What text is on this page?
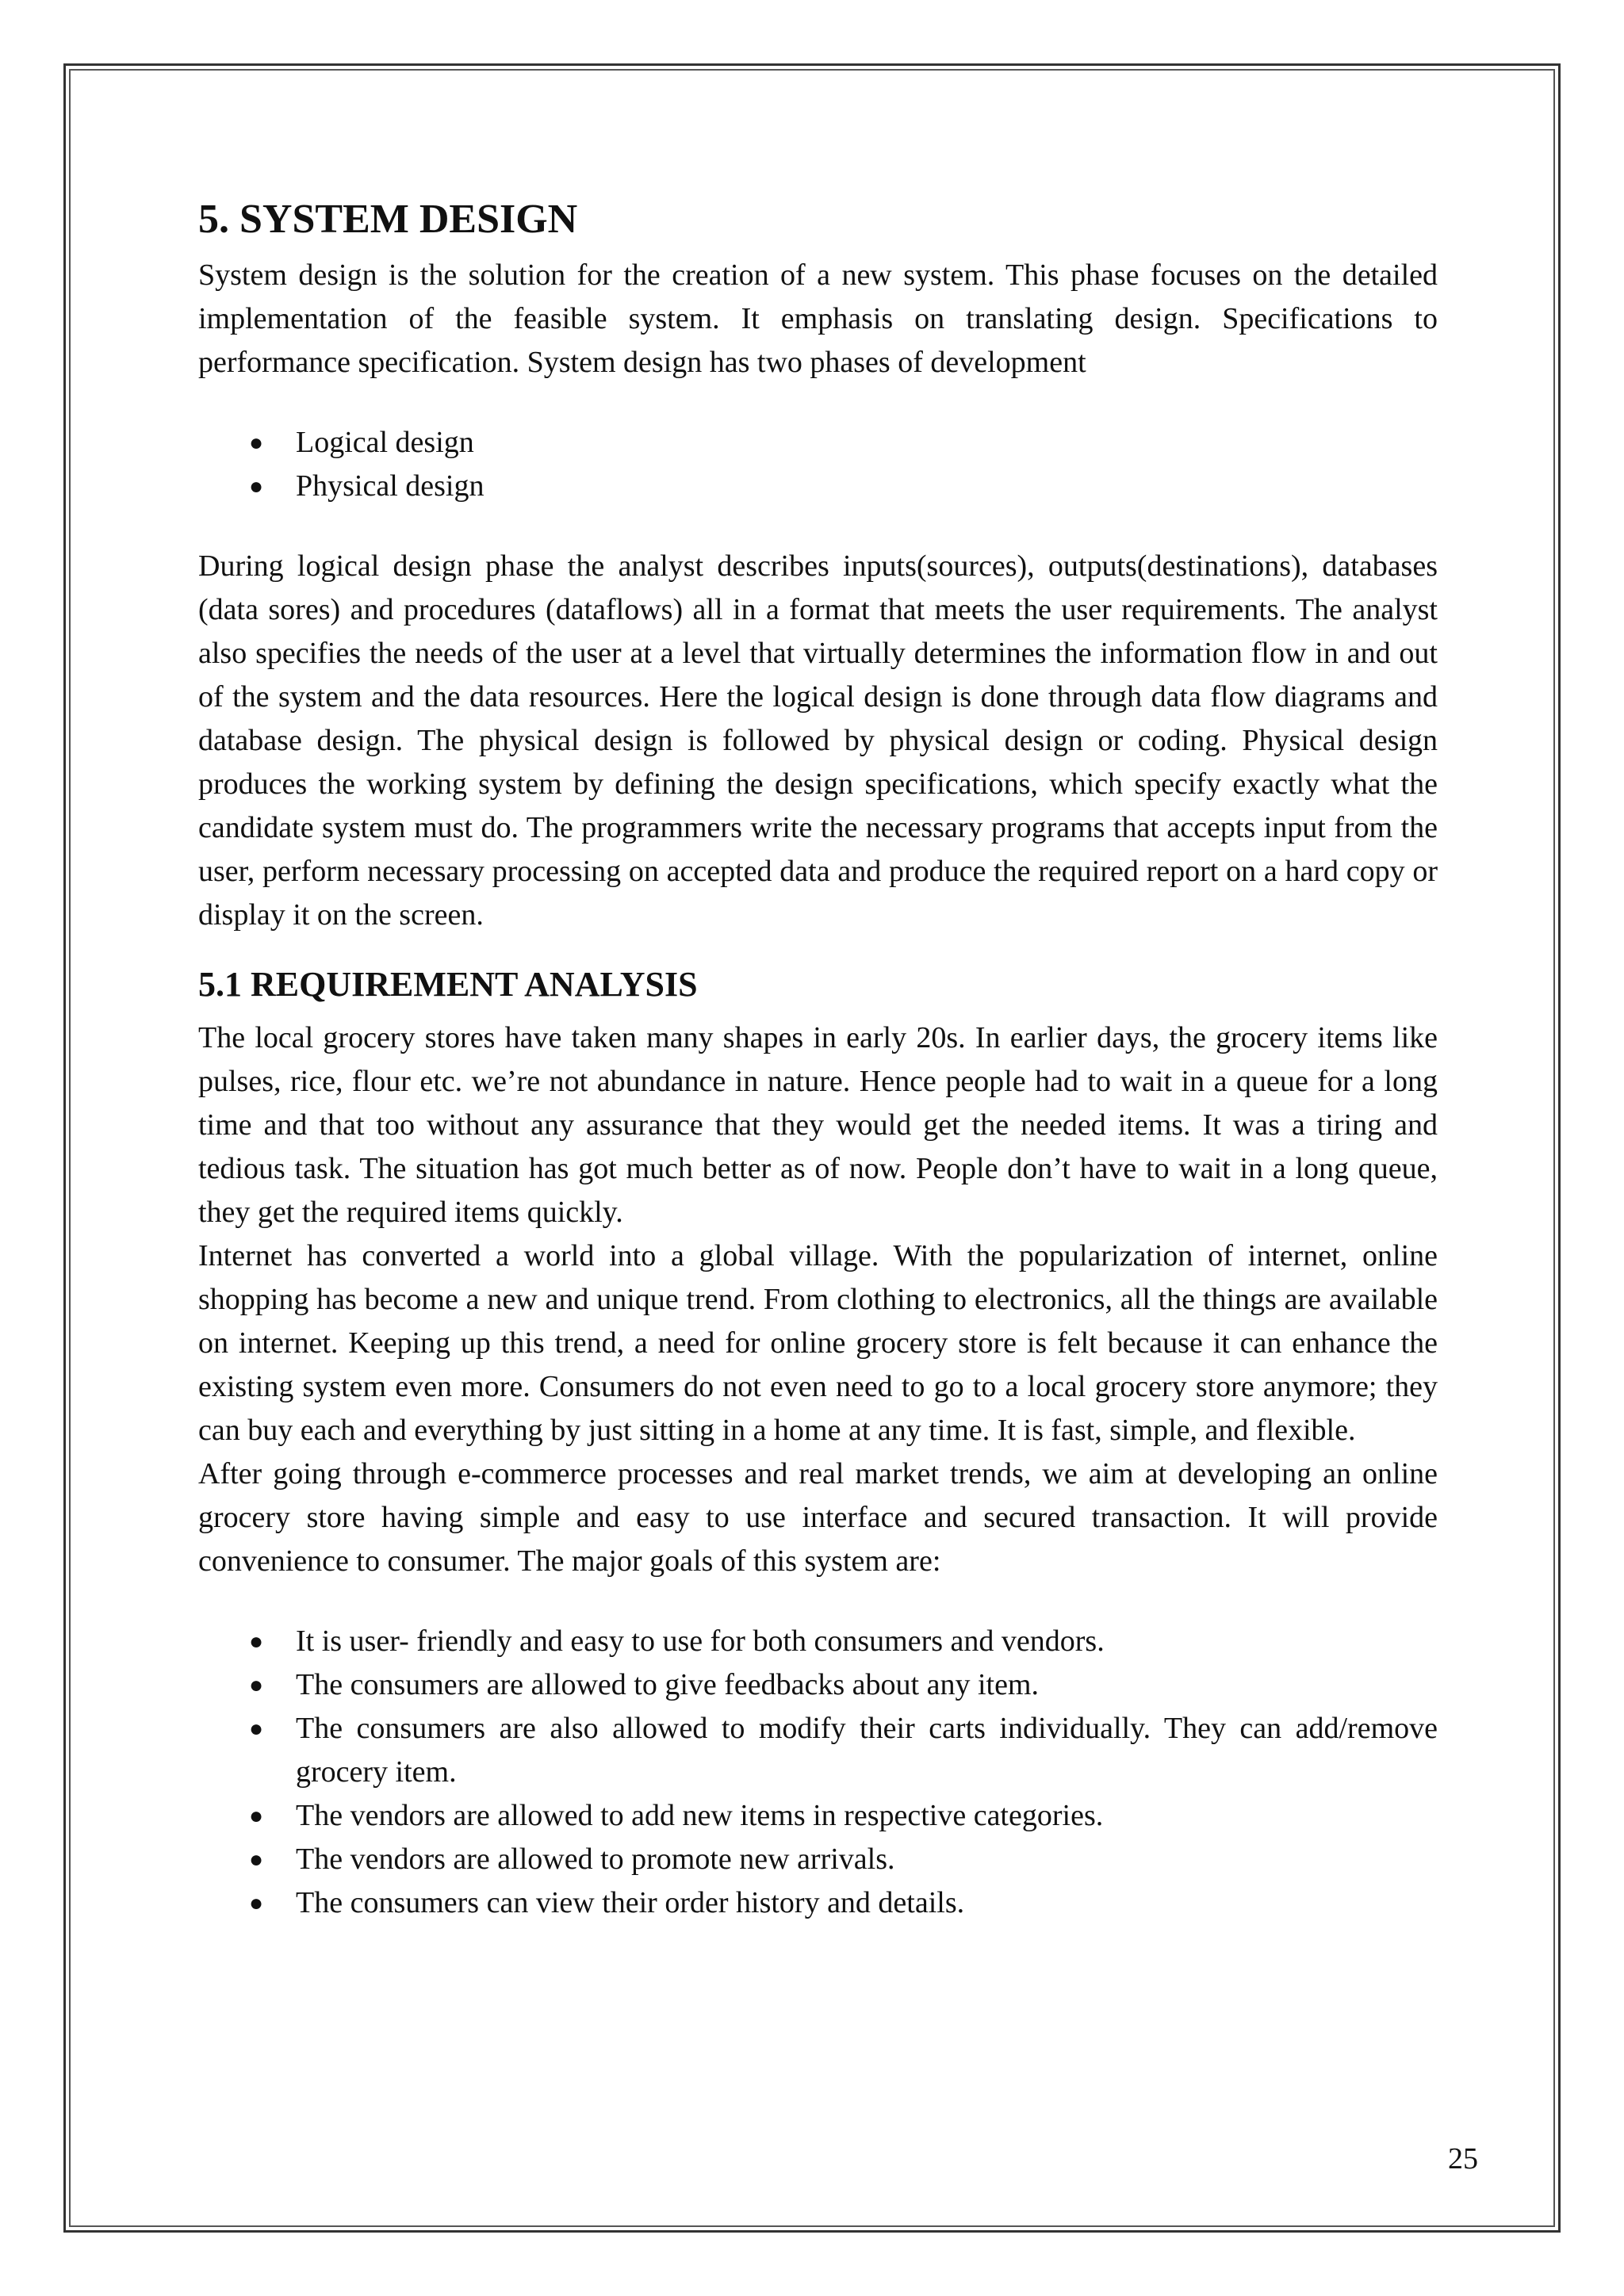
5. SYSTEM DESIGN

System design is the solution for the creation of a new system. This phase focuses on the detailed implementation of the feasible system. It emphasis on translating design. Specifications to performance specification. System design has two phases of development

● Logical design
● Physical design

During logical design phase the analyst describes inputs(sources), outputs(destinations), databases (data sores) and procedures (dataflows) all in a format that meets the user requirements. The analyst also specifies the needs of the user at a level that virtually determines the information flow in and out of the system and the data resources. Here the logical design is done through data flow diagrams and database design. The physical design is followed by physical design or coding. Physical design produces the working system by defining the design specifications, which specify exactly what the candidate system must do. The programmers write the necessary programs that accepts input from the user, perform necessary processing on accepted data and produce the required report on a hard copy or display it on the screen.

5.1 REQUIREMENT ANALYSIS

The local grocery stores have taken many shapes in early 20s. In earlier days, the grocery items like pulses, rice, flour etc. we’re not abundance in nature. Hence people had to wait in a queue for a long time and that too without any assurance that they would get the needed items. It was a tiring and tedious task. The situation has got much better as of now. People don’t have to wait in a long queue, they get the required items quickly.

Internet has converted a world into a global village. With the popularization of internet, online shopping has become a new and unique trend. From clothing to electronics, all the things are available on internet. Keeping up this trend, a need for online grocery store is felt because it can enhance the existing system even more. Consumers do not even need to go to a local grocery store anymore; they can buy each and everything by just sitting in a home at any time. It is fast, simple, and flexible.

After going through e-commerce processes and real market trends, we aim at developing an online grocery store having simple and easy to use interface and secured transaction. It will provide convenience to consumer. The major goals of this system are:

● It is user- friendly and easy to use for both consumers and vendors.
● The consumers are allowed to give feedbacks about any item.
● The consumers are also allowed to modify their carts individually. They can add/remove grocery item.
● The vendors are allowed to add new items in respective categories.
● The vendors are allowed to promote new arrivals.
● The consumers can view their order history and details.
25
